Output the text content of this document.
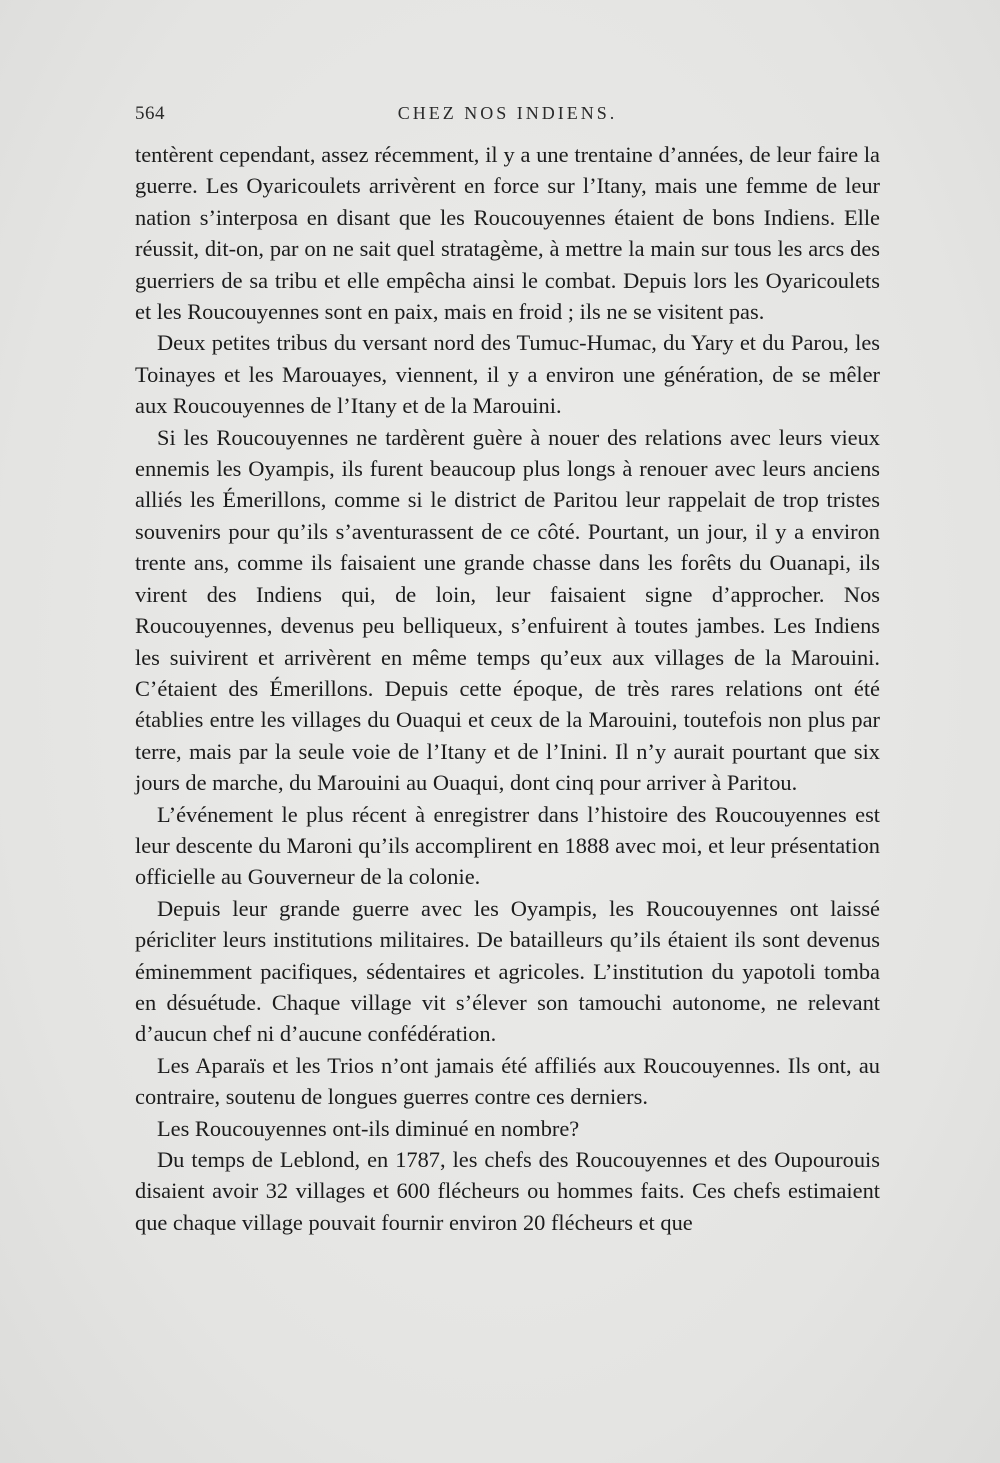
564	CHEZ NOS INDIENS.

tentèrent cependant, assez récemment, il y a une trentaine d’années, de leur faire la guerre. Les Oyaricoulets arrivèrent en force sur l’Itany, mais une femme de leur nation s’interposa en disant que les Roucouyennes étaient de bons Indiens. Elle réussit, dit-on, par on ne sait quel stratagème, à mettre la main sur tous les arcs des guerriers de sa tribu et elle empêcha ainsi le combat. Depuis lors les Oyaricoulets et les Roucouyennes sont en paix, mais en froid ; ils ne se visitent pas.

Deux petites tribus du versant nord des Tumuc-Humac, du Yary et du Parou, les Toinayes et les Marouayes, viennent, il y a environ une génération, de se mêler aux Roucouyennes de l’Itany et de la Marouini.

Si les Roucouyennes ne tardèrent guère à nouer des relations avec leurs vieux ennemis les Oyampis, ils furent beaucoup plus longs à renouer avec leurs anciens alliés les Émerillons, comme si le district de Paritou leur rappelait de trop tristes souvenirs pour qu’ils s’aventurassent de ce côté. Pourtant, un jour, il y a environ trente ans, comme ils faisaient une grande chasse dans les forêts du Ouanapi, ils virent des Indiens qui, de loin, leur faisaient signe d’approcher. Nos Roucouyennes, devenus peu belliqueux, s’enfuirent à toutes jambes. Les Indiens les suivirent et arrivèrent en même temps qu’eux aux villages de la Marouini. C’étaient des Émerillons. Depuis cette époque, de très rares relations ont été établies entre les villages du Ouaqui et ceux de la Marouini, toutefois non plus par terre, mais par la seule voie de l’Itany et de l’Inini. Il n’y aurait pourtant que six jours de marche, du Marouini au Ouaqui, dont cinq pour arriver à Paritou.

L’événement le plus récent à enregistrer dans l’histoire des Roucouyennes est leur descente du Maroni qu’ils accomplirent en 1888 avec moi, et leur présentation officielle au Gouverneur de la colonie.

Depuis leur grande guerre avec les Oyampis, les Roucouyennes ont laissé péricliter leurs institutions militaires. De batailleurs qu’ils étaient ils sont devenus éminemment pacifiques, sédentaires et agricoles. L’institution du yapotoli tomba en désuétude. Chaque village vit s’élever son tamouchi autonome, ne relevant d’aucun chef ni d’aucune confédération.

Les Aparaïs et les Trios n’ont jamais été affiliés aux Roucouyennes. Ils ont, au contraire, soutenu de longues guerres contre ces derniers.

Les Roucouyennes ont-ils diminué en nombre?

Du temps de Leblond, en 1787, les chefs des Roucouyennes et des Oupourouis disaient avoir 32 villages et 600 flécheurs ou hommes faits. Ces chefs estimaient que chaque village pouvait fournir environ 20 flécheurs et que
